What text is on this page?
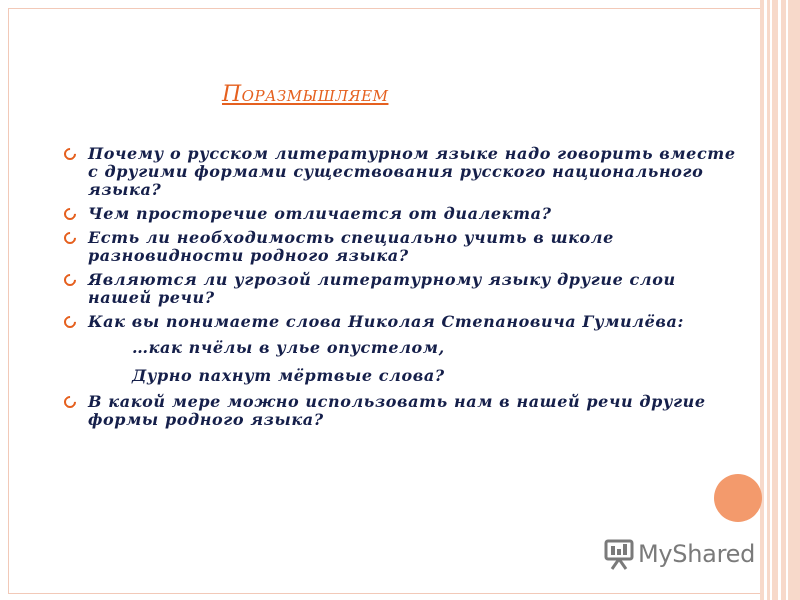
Поразмышляем
Почему о русском литературном языке надо говорить вместе с другими формами существования русского национального языка?
Чем просторечие отличается от диалекта?
Есть ли необходимость специально учить в школе разновидности родного языка?
Являются ли угрозой литературному языку другие слои нашей речи?
Как вы понимаете слова Николая Степановича Гумилёва:
…как пчёлы в улье опустелом,
Дурно пахнут мёртвые слова?
В какой мере можно использовать нам в нашей речи другие формы родного языка?
MyShared
